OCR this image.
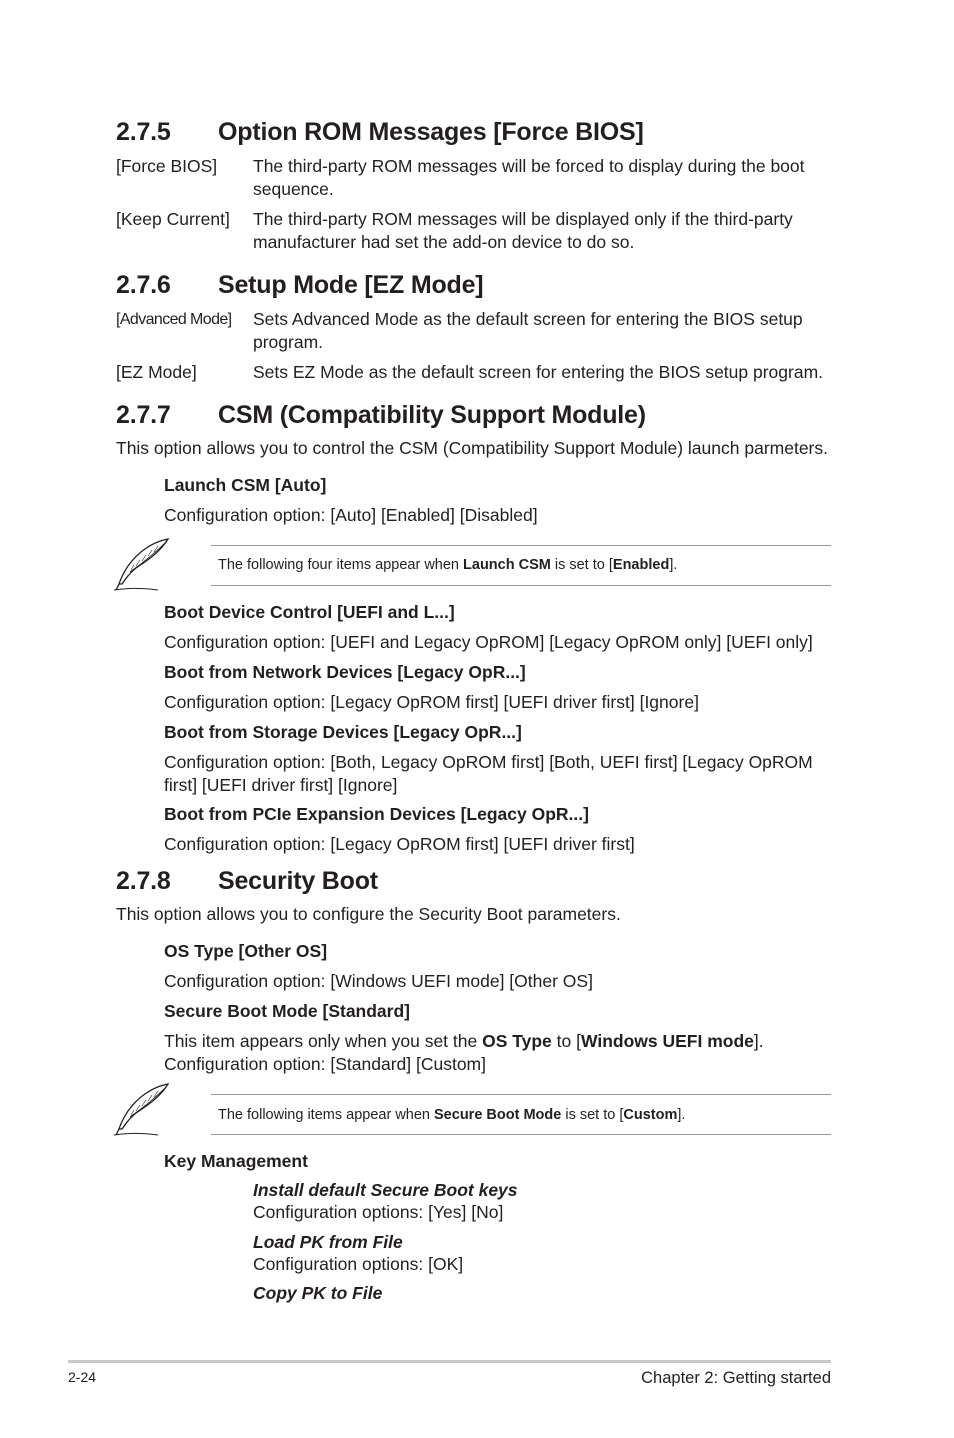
2.7.5 Option ROM Messages [Force BIOS]
[Force BIOS] The third-party ROM messages will be forced to display during the boot sequence.
[Keep Current] The third-party ROM messages will be displayed only if the third-party manufacturer had set the add-on device to do so.
2.7.6 Setup Mode [EZ Mode]
[Advanced Mode] Sets Advanced Mode as the default screen for entering the BIOS setup program.
[EZ Mode]	Sets EZ Mode as the default screen for entering the BIOS setup program.
2.7.7 CSM (Compatibility Support Module)
This option allows you to control the CSM (Compatibility Support Module) launch parmeters.
Launch CSM [Auto]
Configuration option: [Auto] [Enabled] [Disabled]
The following four items appear when Launch CSM is set to [Enabled].
Boot Device Control [UEFI and L...]
Configuration option: [UEFI and Legacy OpROM] [Legacy OpROM only] [UEFI only]
Boot from Network Devices [Legacy OpR...]
Configuration option: [Legacy OpROM first] [UEFI driver first] [Ignore]
Boot from Storage Devices [Legacy OpR...]
Configuration option: [Both, Legacy OpROM first] [Both, UEFI first] [Legacy OpROM first] [UEFI driver first] [Ignore]
Boot from PCIe Expansion Devices [Legacy OpR...]
Configuration option: [Legacy OpROM first] [UEFI driver first]
2.7.8 Security Boot
This option allows you to configure the Security Boot parameters.
OS Type [Other OS]
Configuration option: [Windows UEFI mode] [Other OS]
Secure Boot Mode [Standard]
This item appears only when you set the OS Type to [Windows UEFI mode].
Configuration option: [Standard] [Custom]
The following items appear when Secure Boot Mode is set to [Custom].
Key Management
Install default Secure Boot keys
Configuration options: [Yes] [No]
Load PK from File
Configuration options: [OK]
Copy PK to File
2-24	Chapter 2: Getting started
